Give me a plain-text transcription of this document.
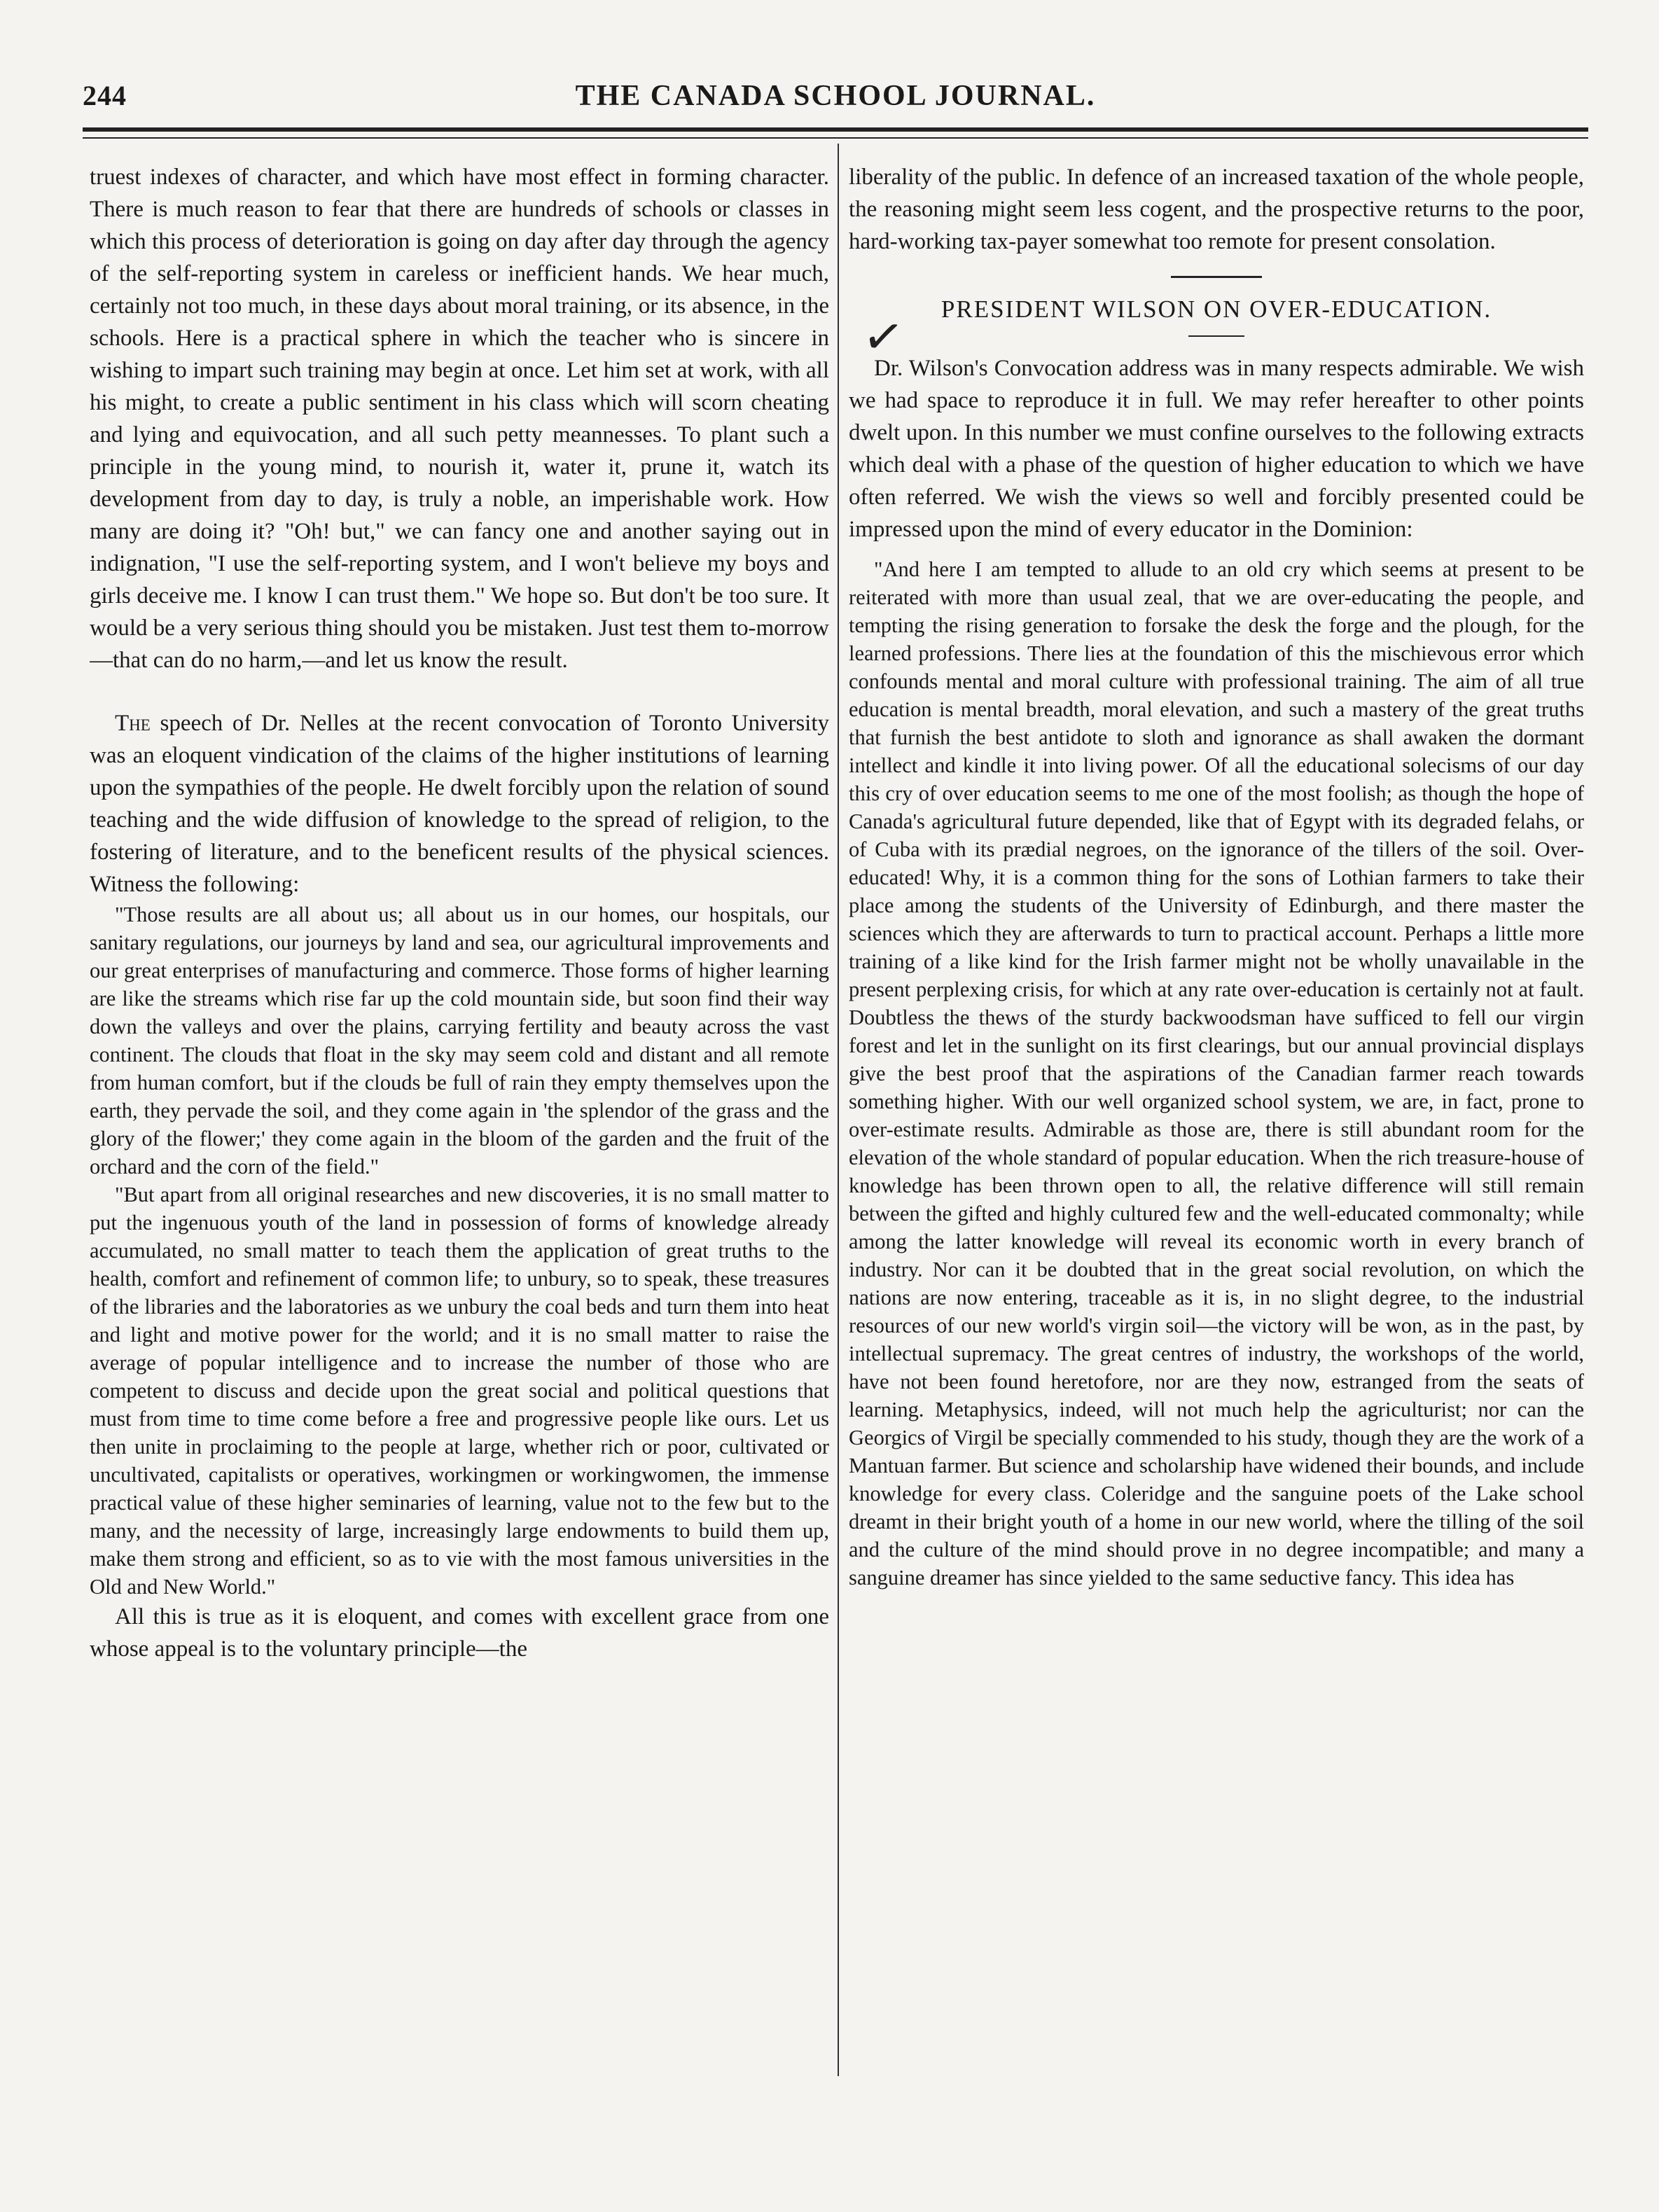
244	THE CANADA SCHOOL JOURNAL.

truest indexes of character, and which have most effect in forming character. There is much reason to fear that there are hundreds of schools or classes in which this process of deterioration is going on day after day through the agency of the self-reporting system in careless or inefficient hands. We hear much, certainly not too much, in these days about moral training, or its absence, in the schools. Here is a practical sphere in which the teacher who is sincere in wishing to impart such training may begin at once. Let him set at work, with all his might, to create a public sentiment in his class which will scorn cheating and lying and equivocation, and all such petty meannesses. To plant such a principle in the young mind, to nourish it, water it, prune it, watch its development from day to day, is truly a noble, an imperishable work. How many are doing it? "Oh! but," we can fancy one and another saying out in indignation, "I use the self-reporting system, and I won't believe my boys and girls deceive me. I know I can trust them." We hope so. But don't be too sure. It would be a very serious thing should you be mistaken. Just test them to-morrow—that can do no harm,—and let us know the result.

The speech of Dr. Nelles at the recent convocation of Toronto University was an eloquent vindication of the claims of the higher institutions of learning upon the sympathies of the people. He dwelt forcibly upon the relation of sound teaching and the wide diffusion of knowledge to the spread of religion, to the fostering of literature, and to the beneficent results of the physical sciences. Witness the following:

"Those results are all about us; all about us in our homes, our hospitals, our sanitary regulations, our journeys by land and sea, our agricultural improvements and our great enterprises of manufacturing and commerce. Those forms of higher learning are like the streams which rise far up the cold mountain side, but soon find their way down the valleys and over the plains, carrying fertility and beauty across the vast continent. The clouds that float in the sky may seem cold and distant and all remote from human comfort, but if the clouds be full of rain they empty themselves upon the earth, they pervade the soil, and they come again in 'the splendor of the grass and the glory of the flower;' they come again in the bloom of the garden and the fruit of the orchard and the corn of the field."

"But apart from all original researches and new discoveries, it is no small matter to put the ingenuous youth of the land in possession of forms of knowledge already accumulated, no small matter to teach them the application of great truths to the health, comfort and refinement of common life; to unbury, so to speak, these treasures of the libraries and the laboratories as we unbury the coal beds and turn them into heat and light and motive power for the world; and it is no small matter to raise the average of popular intelligence and to increase the number of those who are competent to discuss and decide upon the great social and political questions that must from time to time come before a free and progressive people like ours. Let us then unite in proclaiming to the people at large, whether rich or poor, cultivated or uncultivated, capitalists or operatives, workingmen or workingwomen, the immense practical value of these higher seminaries of learning, value not to the few but to the many, and the necessity of large, increasingly large endowments to build them up, make them strong and efficient, so as to vie with the most famous universities in the Old and New World."

All this is true as it is eloquent, and comes with excellent grace from one whose appeal is to the voluntary principle—the

liberality of the public. In defence of an increased taxation of the whole people, the reasoning might seem less cogent, and the prospective returns to the poor, hard-working tax-payer somewhat too remote for present consolation.

PRESIDENT WILSON ON OVER-EDUCATION.

Dr. Wilson's Convocation address was in many respects admirable. We wish we had space to reproduce it in full. We may refer hereafter to other points dwelt upon. In this number we must confine ourselves to the following extracts which deal with a phase of the question of higher education to which we have often referred. We wish the views so well and forcibly presented could be impressed upon the mind of every educator in the Dominion:

"And here I am tempted to allude to an old cry which seems at present to be reiterated with more than usual zeal, that we are over-educating the people, and tempting the rising generation to forsake the desk the forge and the plough, for the learned professions. There lies at the foundation of this the mischievous error which confounds mental and moral culture with professional training. The aim of all true education is mental breadth, moral elevation, and such a mastery of the great truths that furnish the best antidote to sloth and ignorance as shall awaken the dormant intellect and kindle it into living power. Of all the educational solecisms of our day this cry of over education seems to me one of the most foolish; as though the hope of Canada's agricultural future depended, like that of Egypt with its degraded felahs, or of Cuba with its prædial negroes, on the ignorance of the tillers of the soil. Over-educated! Why, it is a common thing for the sons of Lothian farmers to take their place among the students of the University of Edinburgh, and there master the sciences which they are afterwards to turn to practical account. Perhaps a little more training of a like kind for the Irish farmer might not be wholly unavailable in the present perplexing crisis, for which at any rate over-education is certainly not at fault. Doubtless the thews of the sturdy backwoodsman have sufficed to fell our virgin forest and let in the sunlight on its first clearings, but our annual provincial displays give the best proof that the aspirations of the Canadian farmer reach towards something higher. With our well organized school system, we are, in fact, prone to over-estimate results. Admirable as those are, there is still abundant room for the elevation of the whole standard of popular education. When the rich treasure-house of knowledge has been thrown open to all, the relative difference will still remain between the gifted and highly cultured few and the well-educated commonalty; while among the latter knowledge will reveal its economic worth in every branch of industry. Nor can it be doubted that in the great social revolution, on which the nations are now entering, traceable as it is, in no slight degree, to the industrial resources of our new world's virgin soil—the victory will be won, as in the past, by intellectual supremacy. The great centres of industry, the workshops of the world, have not been found heretofore, nor are they now, estranged from the seats of learning. Metaphysics, indeed, will not much help the agriculturist; nor can the Georgics of Virgil be specially commended to his study, though they are the work of a Mantuan farmer. But science and scholarship have widened their bounds, and include knowledge for every class. Coleridge and the sanguine poets of the Lake school dreamt in their bright youth of a home in our new world, where the tilling of the soil and the culture of the mind should prove in no degree incompatible; and many a sanguine dreamer has since yielded to the same seductive fancy. This idea has

✓
